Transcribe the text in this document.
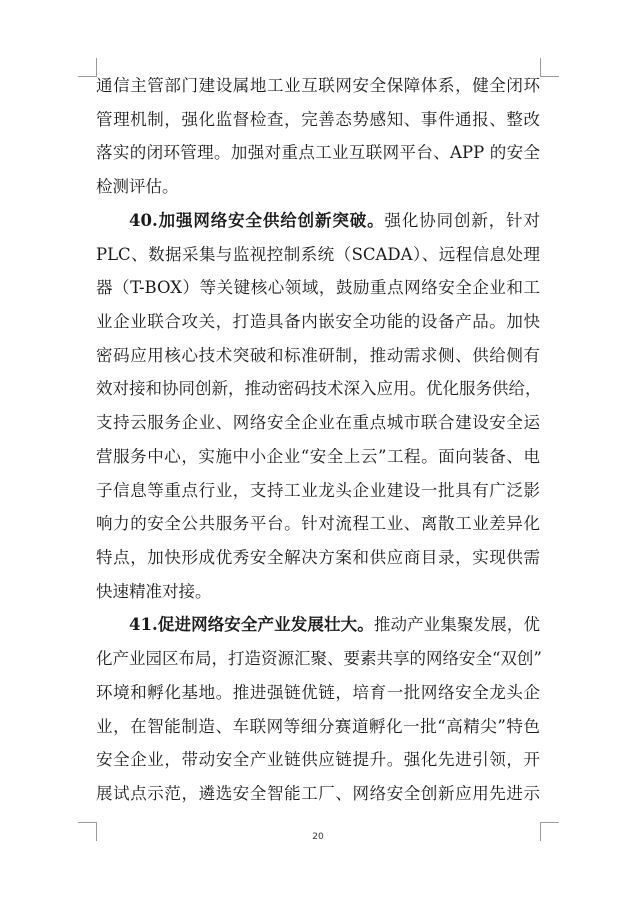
通信主管部门建设属地工业互联网安全保障体系，健全闭环
管理机制，强化监督检查，完善态势感知、事件通报、整改
落实的闭环管理。加强对重点工业互联网平台、APP 的安全
检测评估。
40.加强网络安全供给创新突破。强化协同创新，针对
PLC、数据采集与监视控制系统（SCADA）、远程信息处理
器（T-BOX）等关键核心领域，鼓励重点网络安全企业和工
业企业联合攻关，打造具备内嵌安全功能的设备产品。加快
密码应用核心技术突破和标准研制，推动需求侧、供给侧有
效对接和协同创新，推动密码技术深入应用。优化服务供给，
支持云服务企业、网络安全企业在重点城市联合建设安全运
营服务中心，实施中小企业“安全上云”工程。面向装备、电
子信息等重点行业，支持工业龙头企业建设一批具有广泛影
响力的安全公共服务平台。针对流程工业、离散工业差异化
特点，加快形成优秀安全解决方案和供应商目录，实现供需
快速精准对接。
41.促进网络安全产业发展壮大。推动产业集聚发展，优
化产业园区布局，打造资源汇聚、要素共享的网络安全“双创”
环境和孵化基地。推进强链优链，培育一批网络安全龙头企
业，在智能制造、车联网等细分赛道孵化一批“高精尖”特色
安全企业，带动安全产业链供应链提升。强化先进引领，开
展试点示范，遴选安全智能工厂、网络安全创新应用先进示
20
